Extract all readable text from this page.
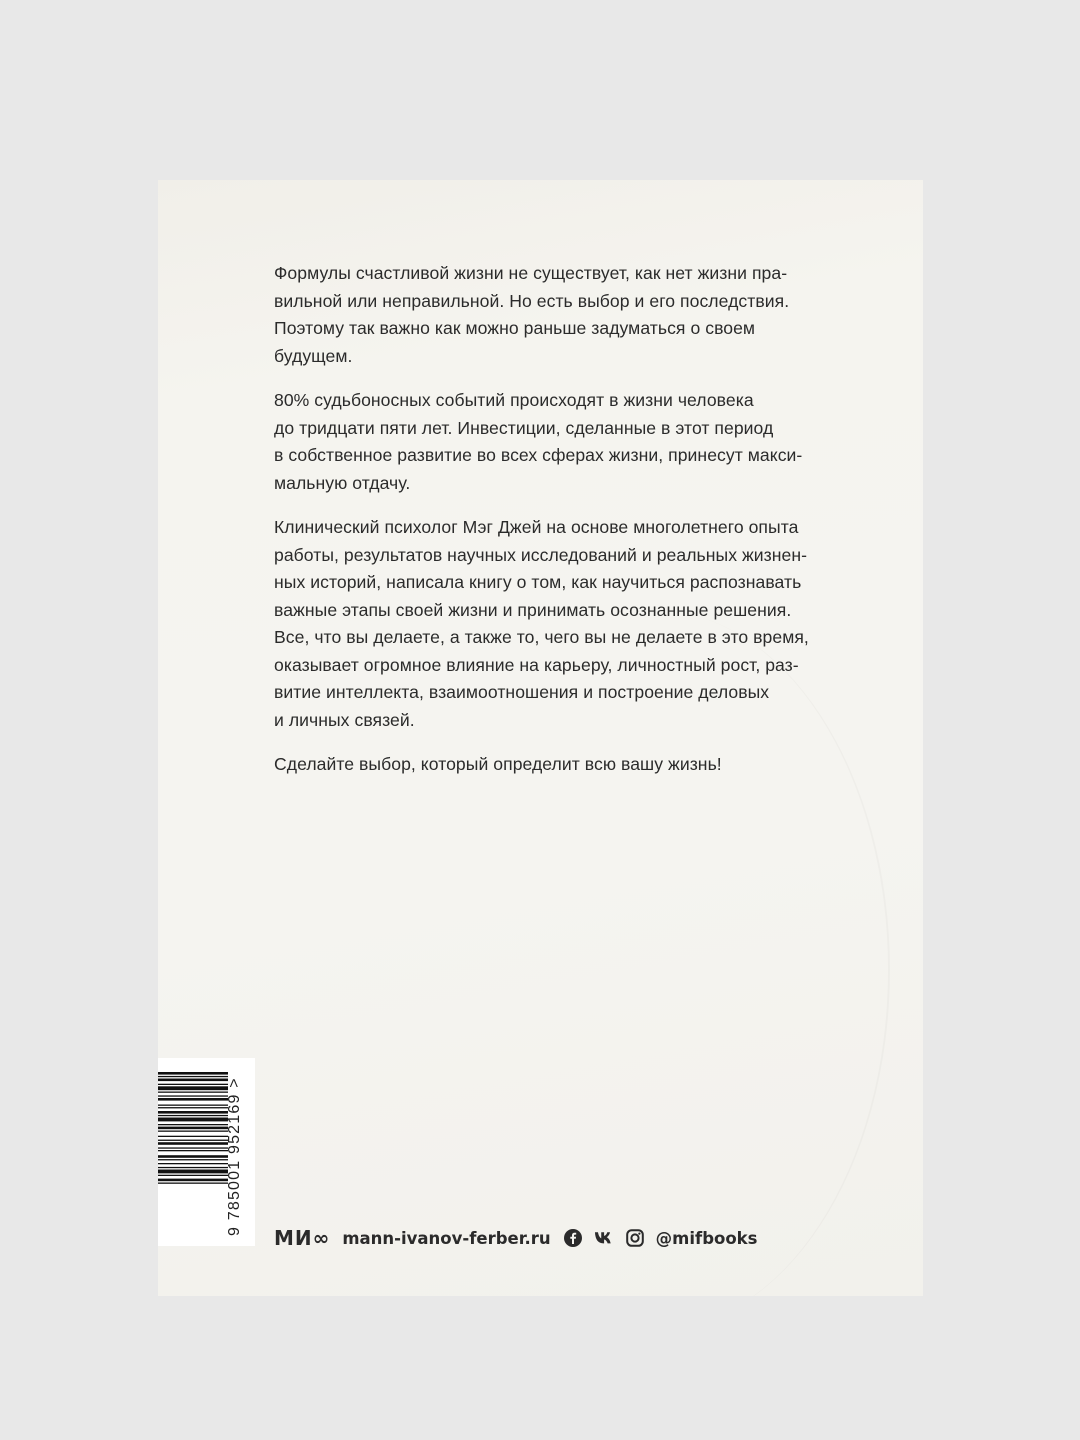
Формулы счастливой жизни не существует, как нет жизни пра-
вильной или неправильной. Но есть выбор и его последствия.
Поэтому так важно как можно раньше задуматься о своем
будущем.

80% судьбоносных событий происходят в жизни человека
до тридцати пяти лет. Инвестиции, сделанные в этот период
в собственное развитие во всех сферах жизни, принесут макси-
мальную отдачу.

Клинический психолог Мэг Джей на основе многолетнего опыта
работы, результатов научных исследований и реальных жизнен-
ных историй, написала книгу о том, как научиться распознавать
важные этапы своей жизни и принимать осознанные решения.
Все, что вы делаете, а также то, чего вы не делаете в это время,
оказывает огромное влияние на карьеру, личностный рост, раз-
витие интеллекта, взаимоотношения и построение деловых
и личных связей.

Сделайте выбор, который определит всю вашу жизнь!

9 785001 952169 >
МИ∞ mann-ivanov-ferber.ru	@mifbooks
